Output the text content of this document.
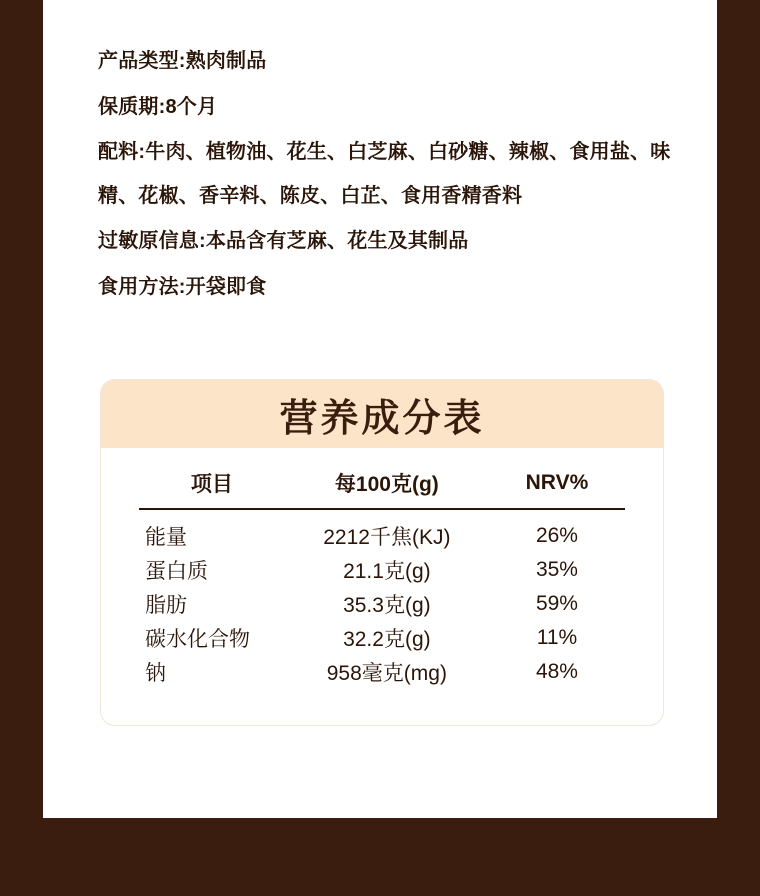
产品类型:熟肉制品
保质期:8个月
配料:牛肉、植物油、花生、白芝麻、白砂糖、辣椒、食用盐、味精、花椒、香辛料、陈皮、白芷、食用香精香料
过敏原信息:本品含有芝麻、花生及其制品
食用方法:开袋即食
营养成分表
项目	每100克(g)	NRV%
能量	2212千焦(KJ)	26%
蛋白质	21.1克(g)	35%
脂肪	35.3克(g)	59%
碳水化合物	32.2克(g)	11%
钠	958毫克(mg)	48%
